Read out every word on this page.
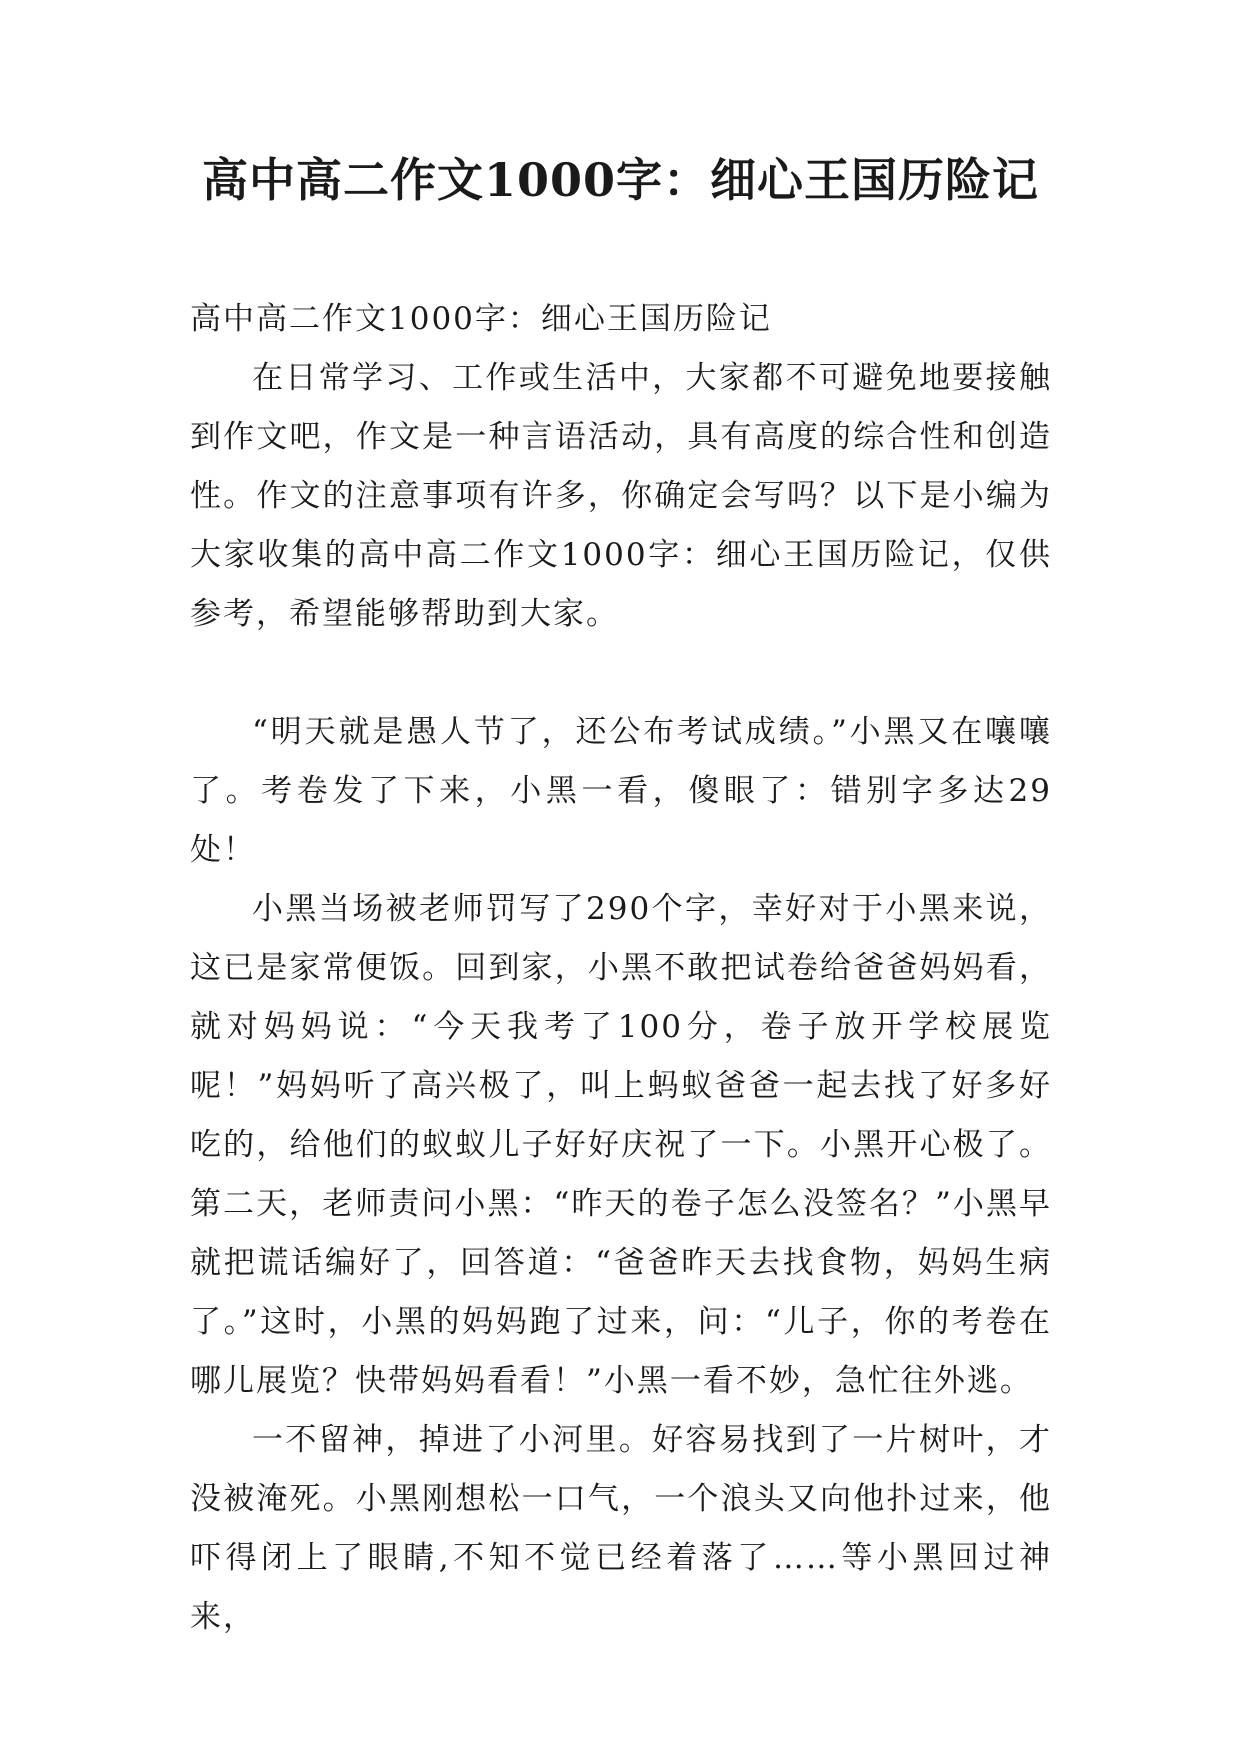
高中高二作文1000字：细心王国历险记

高中高二作文1000字：细心王国历险记

在日常学习、工作或生活中，大家都不可避免地要接触到作文吧，作文是一种言语活动，具有高度的综合性和创造性。作文的注意事项有许多，你确定会写吗？以下是小编为大家收集的高中高二作文1000字：细心王国历险记，仅供参考，希望能够帮助到大家。

“明天就是愚人节了，还公布考试成绩。”小黑又在嚷嚷了。考卷发了下来，小黑一看，傻眼了：错别字多达29处！

小黑当场被老师罚写了290个字，幸好对于小黑来说，这已是家常便饭。回到家，小黑不敢把试卷给爸爸妈妈看，就对妈妈说：“今天我考了100分，卷子放开学校展览呢！”妈妈听了高兴极了，叫上蚂蚁爸爸一起去找了好多好吃的，给他们的蚁蚁儿子好好庆祝了一下。小黑开心极了。第二天，老师责问小黑：“昨天的卷子怎么没签名？”小黑早就把谎话编好了，回答道：“爸爸昨天去找食物，妈妈生病了。”这时，小黑的妈妈跑了过来，问：“儿子，你的考卷在哪儿展览？快带妈妈看看！”小黑一看不妙，急忙往外逃。

一不留神，掉进了小河里。好容易找到了一片树叶，才没被淹死。小黑刚想松一口气，一个浪头又向他扑过来，他吓得闭上了眼睛,不知不觉已经着落了……等小黑回过神来，
